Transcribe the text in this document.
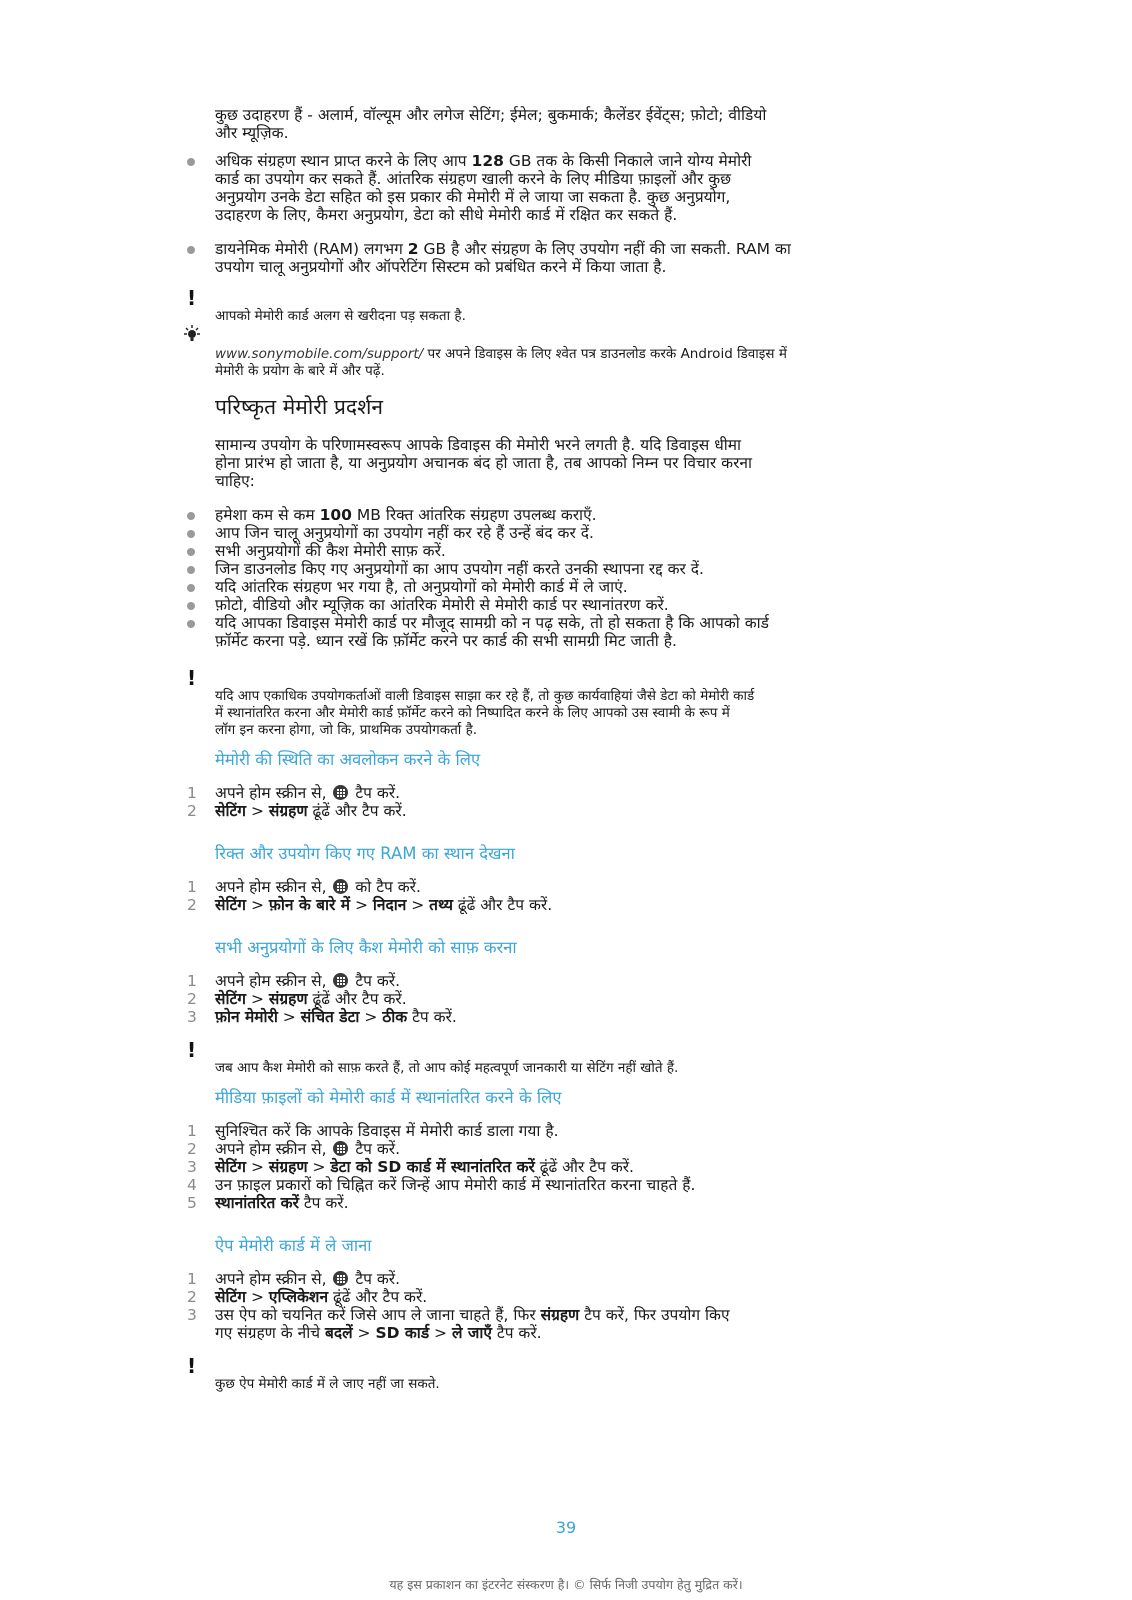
कुछ उदाहरण हैं - अलार्म, वॉल्यूम और लगेज सेटिंग; ईमेल; बुकमार्क; कैलेंडर ईवेंट्स; फ़ोटो; वीडियो

और म्यूज़िक.

अधिक संग्रहण स्थान प्राप्त करने के लिए आप 128 GB तक के किसी निकाले जाने योग्य मेमोरी

कार्ड का उपयोग कर सकते हैं. आंतरिक संग्रहण खाली करने के लिए मीडिया फ़ाइलों और कुछ

अनुप्रयोग उनके डेटा सहित को इस प्रकार की मेमोरी में ले जाया जा सकता है. कुछ अनुप्रयोग,

उदाहरण के लिए, कैमरा अनुप्रयोग, डेटा को सीधे मेमोरी कार्ड में रक्षित कर सकते हैं.

डायनेमिक मेमोरी (RAM) लगभग 2 GB है और संग्रहण के लिए उपयोग नहीं की जा सकती. RAM का

उपयोग चालू अनुप्रयोगों और ऑपरेटिंग सिस्टम को प्रबंधित करने में किया जाता है.

!

आपको मेमोरी कार्ड अलग से खरीदना पड़ सकता है.

www.sonymobile.com/support/ पर अपने डिवाइस के लिए श्वेत पत्र डाउनलोड करके Android डिवाइस में

मेमोरी के प्रयोग के बारे में और पढ़ें.

परिष्कृत मेमोरी प्रदर्शन

सामान्य उपयोग के परिणामस्वरूप आपके डिवाइस की मेमोरी भरने लगती है. यदि डिवाइस धीमा

होना प्रारंभ हो जाता है, या अनुप्रयोग अचानक बंद हो जाता है, तब आपको निम्न पर विचार करना

चाहिए:

हमेशा कम से कम 100 MB रिक्त आंतरिक संग्रहण उपलब्ध कराएँ.

आप जिन चालू अनुप्रयोगों का उपयोग नहीं कर रहे हैं उन्हें बंद कर दें.

सभी अनुप्रयोगों की कैश मेमोरी साफ़ करें.

जिन डाउनलोड किए गए अनुप्रयोगों का आप उपयोग नहीं करते उनकी स्थापना रद्द कर दें.

यदि आंतरिक संग्रहण भर गया है, तो अनुप्रयोगों को मेमोरी कार्ड में ले जाएं.

फ़ोटो, वीडियो और म्यूज़िक का आंतरिक मेमोरी से मेमोरी कार्ड पर स्थानांतरण करें.

यदि आपका डिवाइस मेमोरी कार्ड पर मौजूद सामग्री को न पढ़ सके, तो हो सकता है कि आपको कार्ड

फ़ॉर्मेट करना पड़े. ध्यान रखें कि फ़ॉर्मेट करने पर कार्ड की सभी सामग्री मिट जाती है.

!

यदि आप एकाधिक उपयोगकर्ताओं वाली डिवाइस साझा कर रहे हैं, तो कुछ कार्यवाहियां जैसे डेटा को मेमोरी कार्ड

में स्थानांतरित करना और मेमोरी कार्ड फ़ॉर्मेट करने को निष्पादित करने के लिए आपको उस स्वामी के रूप में

लॉग इन करना होगा, जो कि, प्राथमिक उपयोगकर्ता है.

मेमोरी की स्थिति का अवलोकन करने के लिए
1	अपने होम स्क्रीन से,  टैप करें.

2	सेटिंग > संग्रहण ढूंढें और टैप करें.

रिक्त और उपयोग किए गए RAM का स्थान देखना
1	अपने होम स्क्रीन से,  को टैप करें.

2	सेटिंग > फ़ोन के बारे में > निदान > तथ्य ढूंढें और टैप करें.

सभी अनुप्रयोगों के लिए कैश मेमोरी को साफ़ करना
1	अपने होम स्क्रीन से,  टैप करें.

2	सेटिंग > संग्रहण ढूंढें और टैप करें.

3	फ़ोन मेमोरी > संचित डेटा > ठीक टैप करें.

!

जब आप कैश मेमोरी को साफ़ करते हैं, तो आप कोई महत्वपूर्ण जानकारी या सेटिंग नहीं खोते हैं.

मीडिया फ़ाइलों को मेमोरी कार्ड में स्थानांतरित करने के लिए
1	सुनिश्चित करें कि आपके डिवाइस में मेमोरी कार्ड डाला गया है.

2	अपने होम स्क्रीन से,  टैप करें.

3	सेटिंग > संग्रहण > डेटा को SD कार्ड में स्थानांतरित करें ढूंढें और टैप करें.

4	उन फ़ाइल प्रकारों को चिह्नित करें जिन्हें आप मेमोरी कार्ड में स्थानांतरित करना चाहते हैं.

5	स्थानांतरित करें टैप करें.

ऐप मेमोरी कार्ड में ले जाना
1	अपने होम स्क्रीन से,  टैप करें.

2	सेटिंग > एप्लिकेशन ढूंढें और टैप करें.

3	उस ऐप को चयनित करें जिसे आप ले जाना चाहते हैं, फिर संग्रहण टैप करें, फिर उपयोग किए

गए संग्रहण के नीचे बदलें > SD कार्ड > ले जाएँ टैप करें.

!

कुछ ऐप मेमोरी कार्ड में ले जाए नहीं जा सकते.

39
यह इस प्रकाशन का इंटरनेट संस्करण है। © सिर्फ निजी उपयोग हेतु मुद्रित करें।
